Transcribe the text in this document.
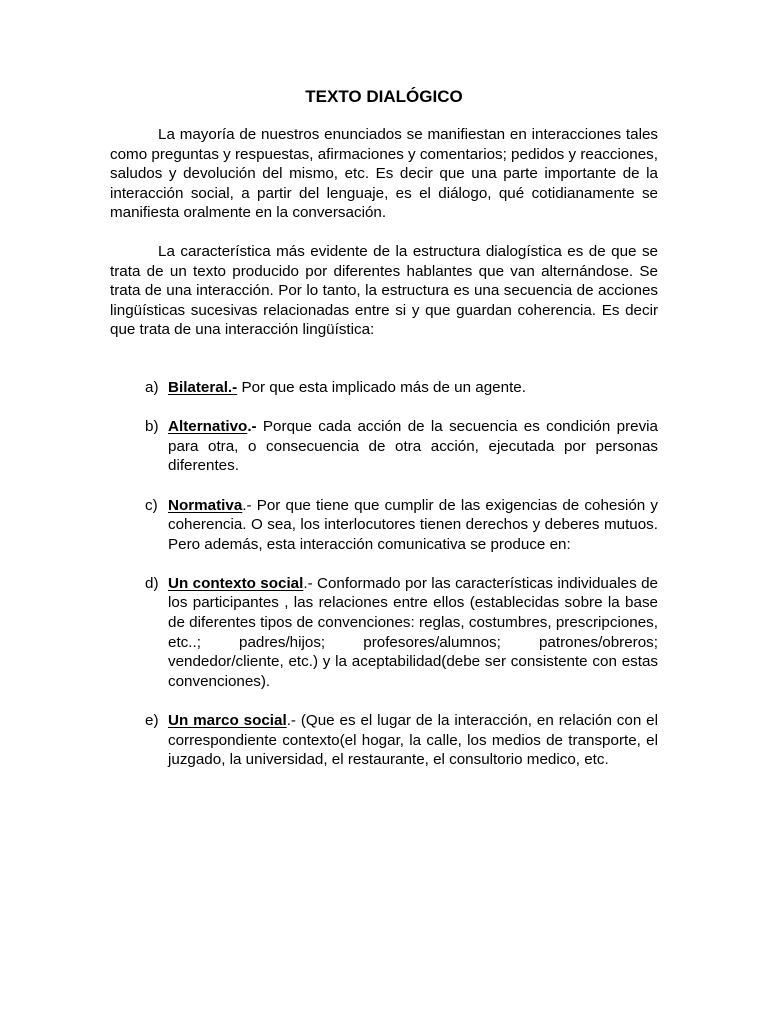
TEXTO DIALÓGICO

La mayoría de nuestros enunciados se manifiestan en interacciones tales como preguntas y respuestas, afirmaciones y comentarios; pedidos y reacciones, saludos y devolución del mismo, etc. Es decir que una parte importante de la interacción social, a partir del lenguaje, es el diálogo, qué cotidianamente se manifiesta oralmente en la conversación.

La característica más evidente de la estructura dialogística es de que se trata de un texto producido por diferentes hablantes que van alternándose. Se trata de una interacción. Por lo tanto, la estructura es una secuencia de acciones lingüísticas sucesivas relacionadas entre si y que guardan coherencia. Es decir que trata de una interacción lingüística:

a) Bilateral.- Por que esta implicado más de un agente.
b) Alternativo.- Porque cada acción de la secuencia es condición previa para otra, o consecuencia de otra acción, ejecutada por personas diferentes.
c) Normativa.- Por que tiene que cumplir de las exigencias de cohesión y coherencia. O sea, los interlocutores tienen derechos y deberes mutuos. Pero además, esta interacción comunicativa se produce en:
d) Un contexto social.- Conformado por las características individuales de los participantes , las relaciones entre ellos (establecidas sobre la base de diferentes tipos de convenciones: reglas, costumbres, prescripciones, etc..; padres/hijos; profesores/alumnos; patrones/obreros; vendedor/cliente, etc.) y la aceptabilidad(debe ser consistente con estas convenciones).
e) Un marco social.- (Que es el lugar de la interacción, en relación con el correspondiente contexto(el hogar, la calle, los medios de transporte, el juzgado, la universidad, el restaurante, el consultorio medico, etc.
